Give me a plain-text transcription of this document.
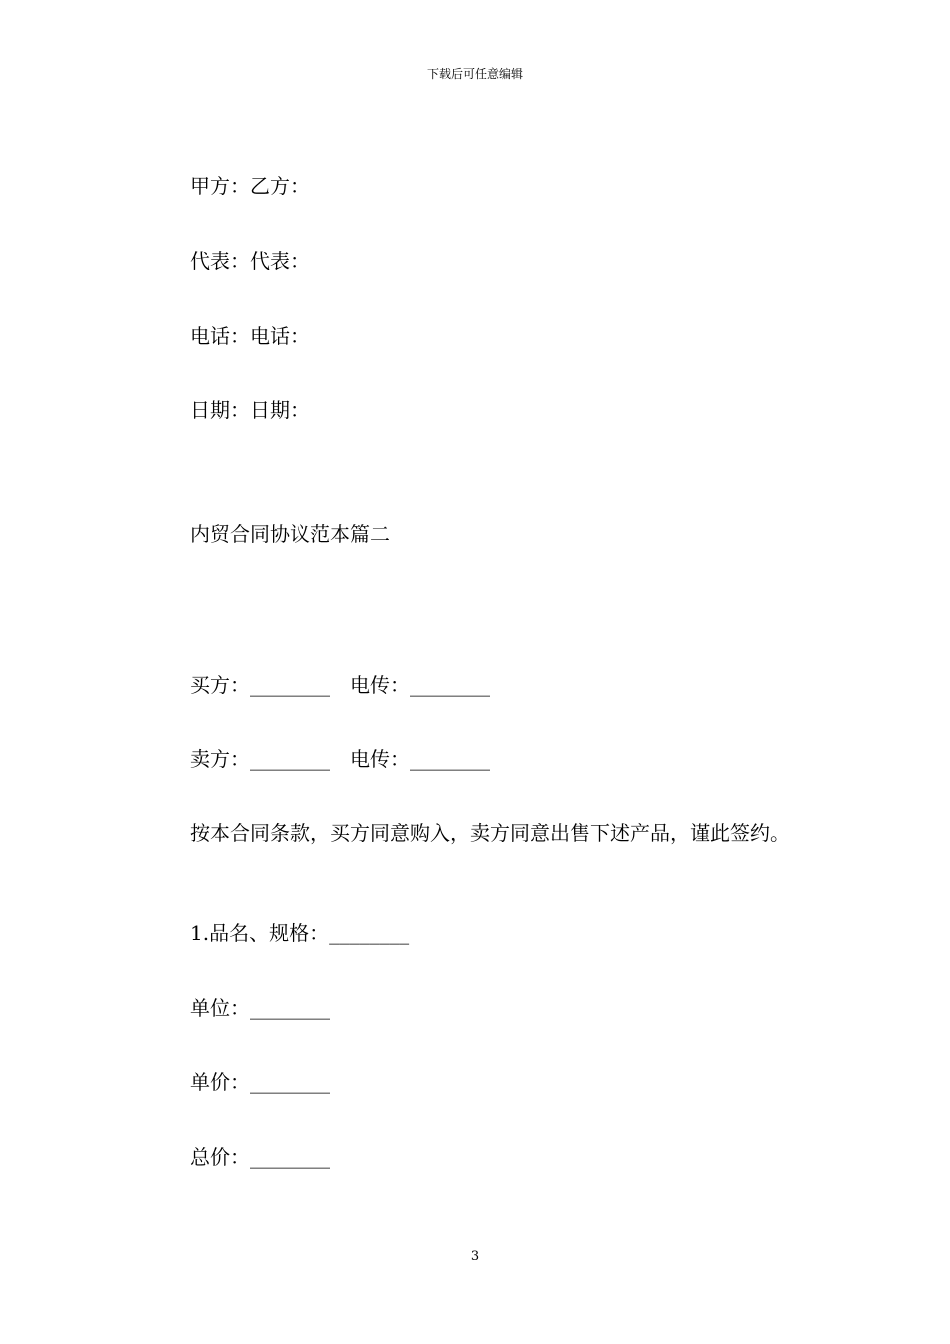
下载后可任意编辑
甲方：乙方：
代表：代表：
电话：电话：
日期：日期：
内贸合同协议范本篇二
买方：________ 电传：________
卖方：________ 电传：________
按本合同条款，买方同意购入，卖方同意出售下述产品，谨此签约。
1.品名、规格：________
单位：________
单价：________
总价：________
3
